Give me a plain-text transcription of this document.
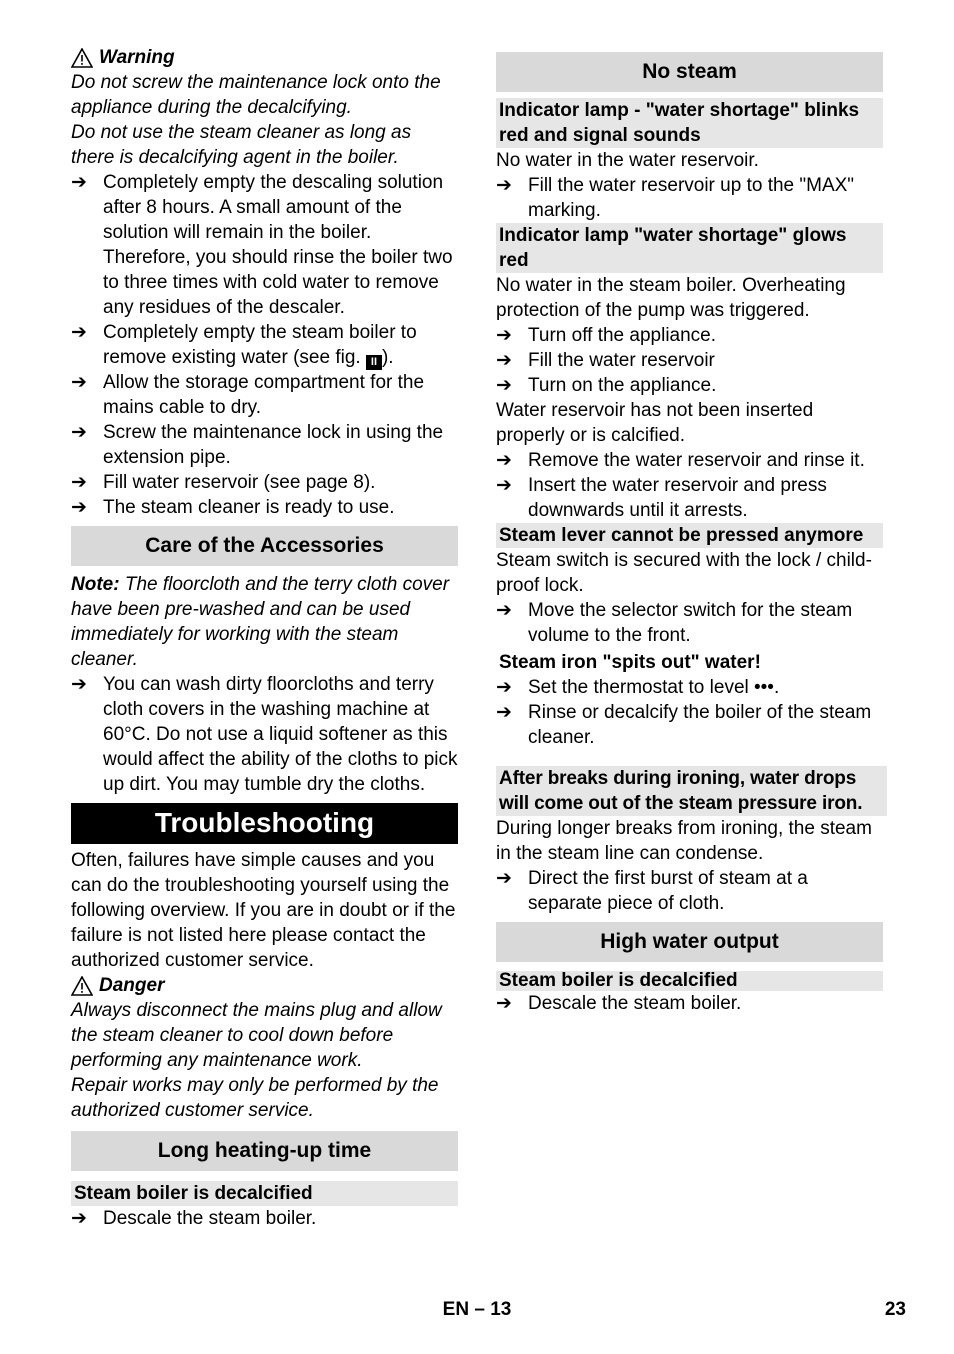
Warning

Do not screw the maintenance lock onto the appliance during the decalcifying.

Do not use the steam cleaner as long as there is decalcifying agent in the boiler.

➔ Completely empty the descaling solution after 8 hours. A small amount of the solution will remain in the boiler. Therefore, you should rinse the boiler two to three times with cold water to remove any residues of the descaler.
➔ Completely empty the steam boiler to remove existing water (see fig. II ).
➔ Allow the storage compartment for the mains cable to dry.
➔ Screw the maintenance lock in using the extension pipe.
➔ Fill water reservoir (see page 8).
➔ The steam cleaner is ready to use.
Care of the Accessories

Note: The floorcloth and the terry cloth cover have been pre-washed and can be used immediately for working with the steam cleaner.

➔ You can wash dirty floorcloths and terry cloth covers in the washing machine at 60°C. Do not use a liquid softener as this would affect the ability of the cloths to pick up dirt. You may tumble dry the cloths.
Troubleshooting

Often, failures have simple causes and you can do the troubleshooting yourself using the following overview. If you are in doubt or if the failure is not listed here please contact the authorized customer service.

Danger

Always disconnect the mains plug and allow the steam cleaner to cool down before performing any maintenance work.

Repair works may only be performed by the authorized customer service.

Long heating-up time
Steam boiler is decalcified
➔ Descale the steam boiler.
No steam
Indicator lamp - "water shortage" blinks red and signal sounds

No water in the water reservoir.

➔ Fill the water reservoir up to the "MAX" marking.
Indicator lamp "water shortage" glows red

No water in the steam boiler. Overheating protection of the pump was triggered.

➔ Turn off the appliance.
➔ Fill the water reservoir
➔ Turn on the appliance.

Water reservoir has not been inserted properly or is calcified.

➔ Remove the water reservoir and rinse it.
➔ Insert the water reservoir and press downwards until it arrests.
Steam lever cannot be pressed anymore

Steam switch is secured with the lock / child-proof lock.

➔ Move the selector switch for the steam volume to the front.
Steam iron "spits out" water!
➔ Set the thermostat to level •••.
➔ Rinse or decalcify the boiler of the steam cleaner.
After breaks during ironing, water drops will come out of the steam pressure iron.

During longer breaks from ironing, the steam in the steam line can condense.

➔ Direct the first burst of steam at a separate piece of cloth.
High water output
Steam boiler is decalcified
➔ Descale the steam boiler.
EN – 13	23
